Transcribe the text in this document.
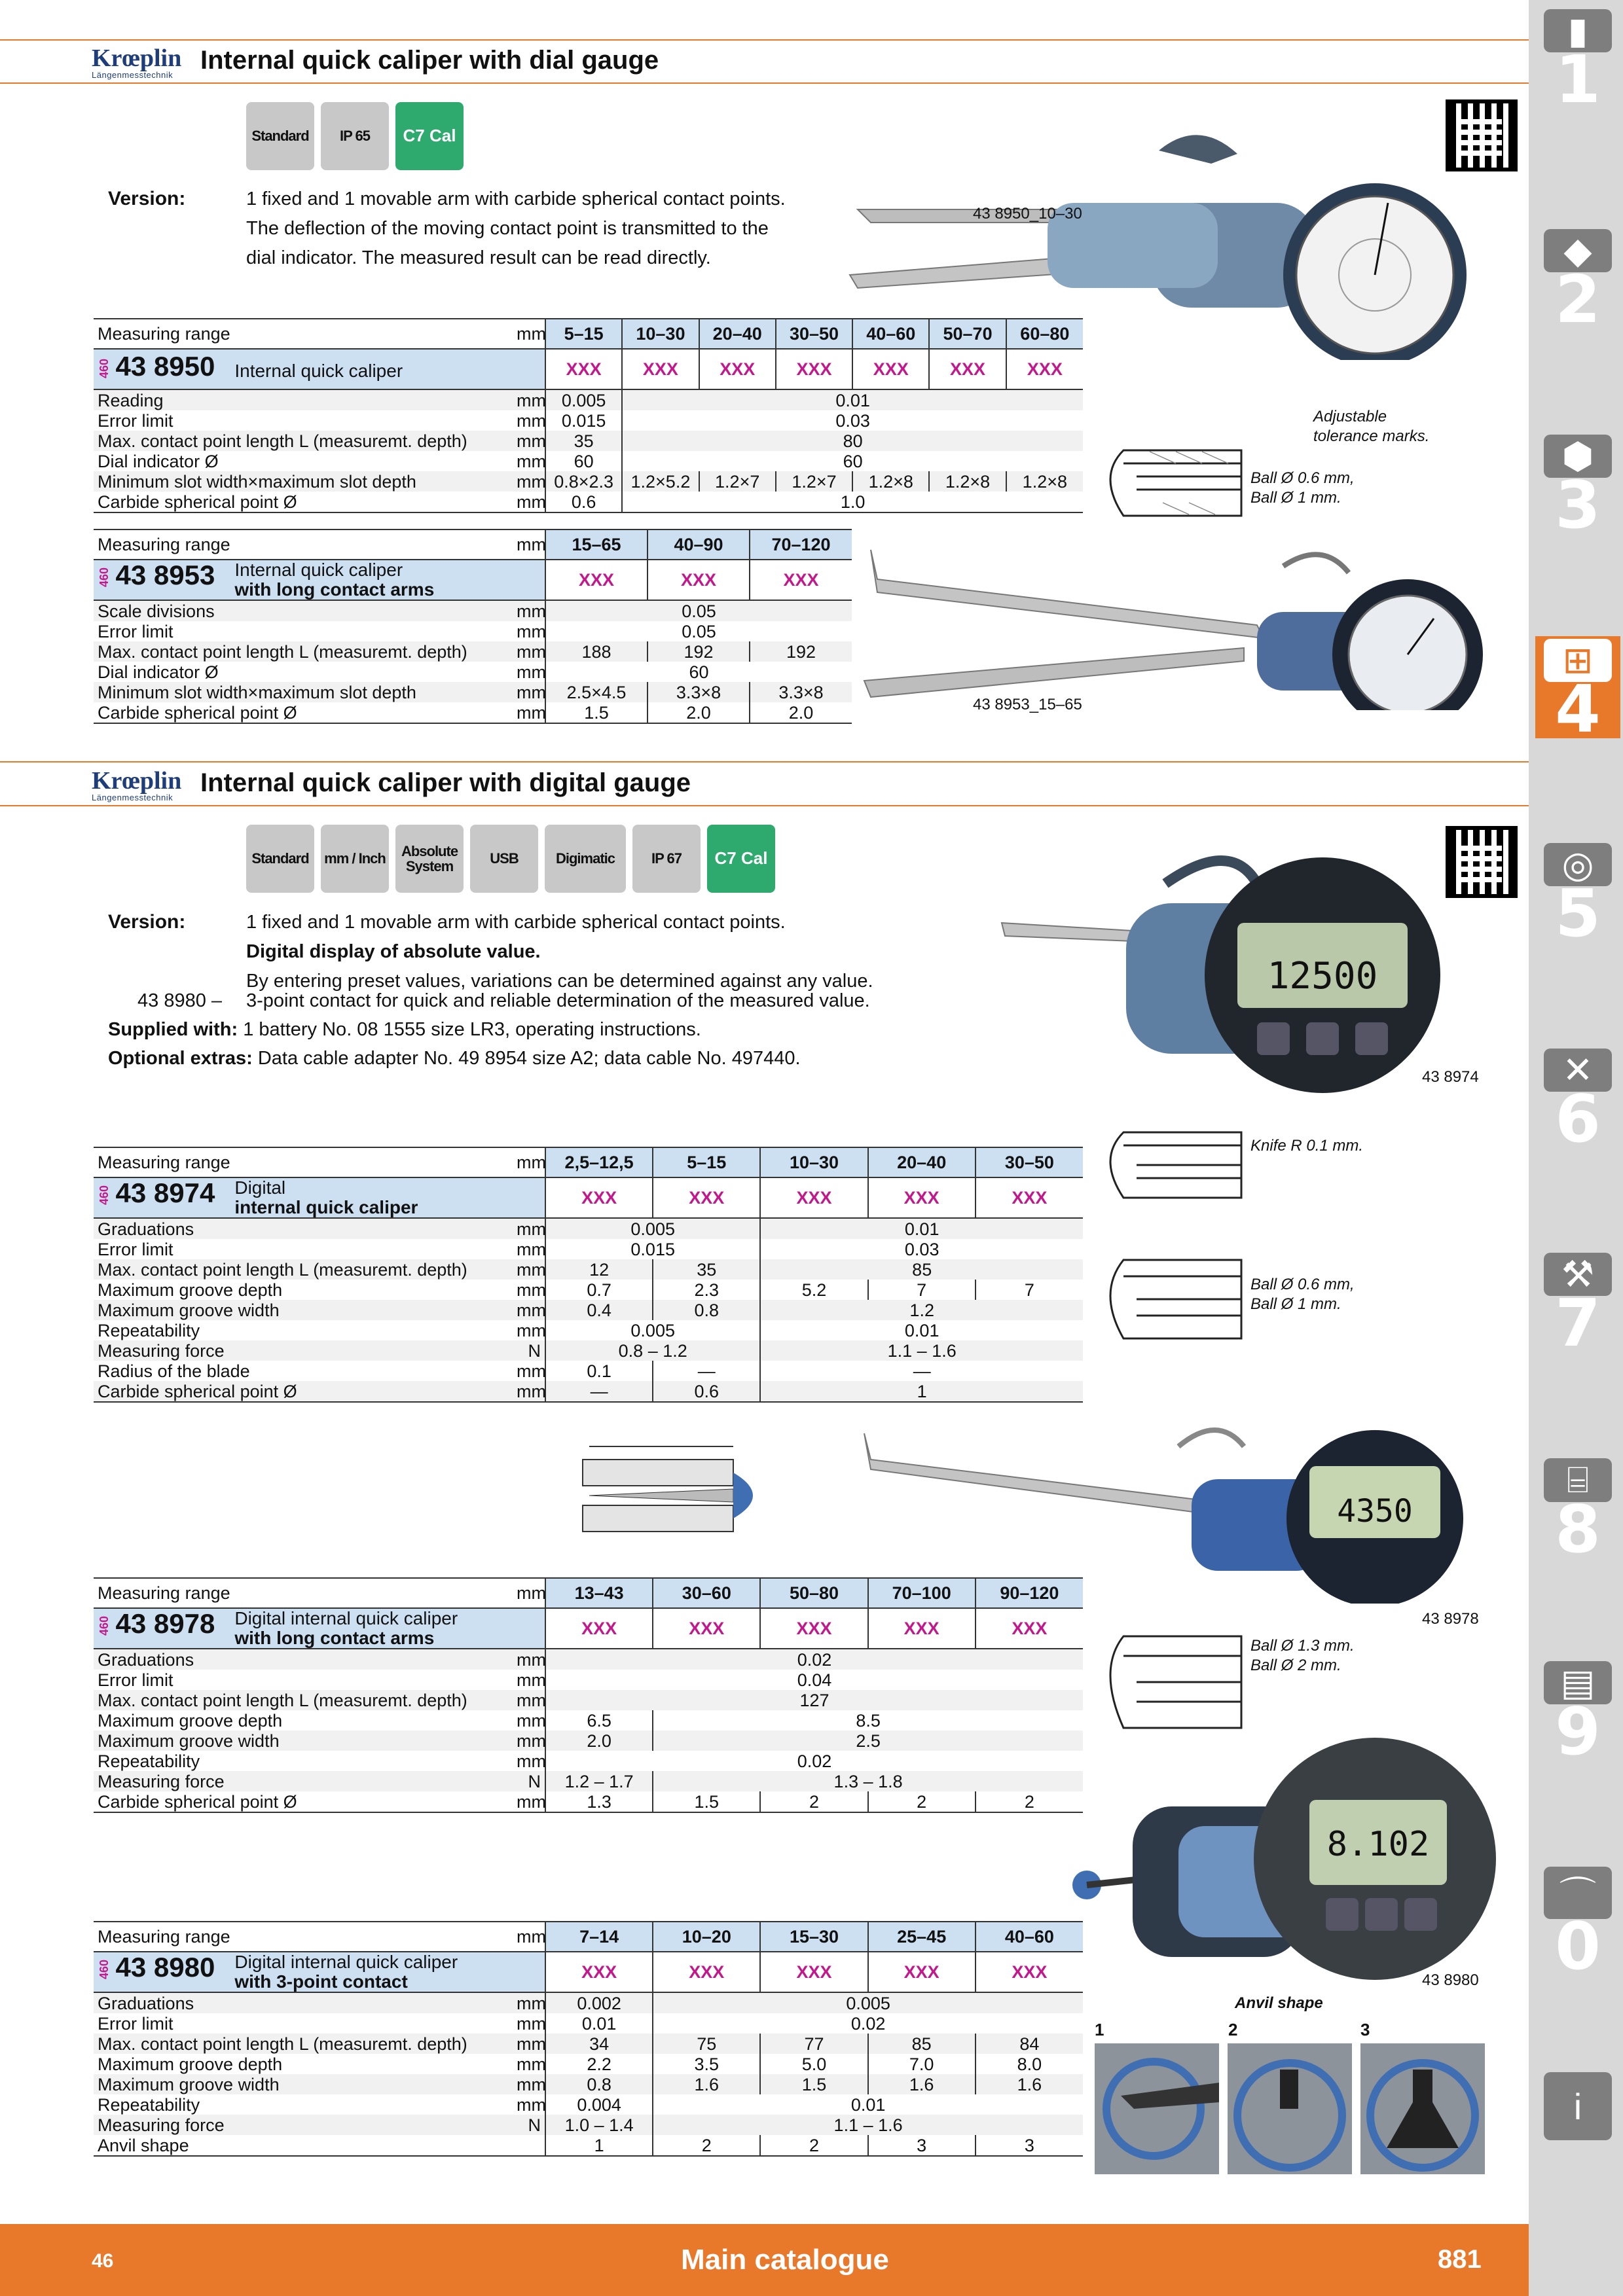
Krœplin
Längenmesstechnik
Internal quick caliper with dial gauge
Standard	IP 65	C7 Cal
Version:	1 fixed and 1 movable arm with carbide spherical contact points.
The deflection of the moving contact point is transmitted to the
dial indicator. The measured result can be read directly.
43 8950_10–30
Adjustable
tolerance marks.
Ball Ø 0.6 mm,
Ball Ø 1 mm.
43 8953_15–65
Measuring range	mm	5–15	10–30	20–40	30–50	40–60	50–70	60–80
460 43 8950 Internal quick caliper		XXX	XXX	XXX	XXX	XXX	XXX	XXX
Reading	mm	0.005	0.01					
Error limit	mm	0.015	0.03					
Max. contact point length L (measuremt. depth)	mm	35	80					
Dial indicator Ø	mm	60	60					
Minimum slot width×maximum slot depth	mm	0.8×2.3	1.2×5.2	1.2×7	1.2×7	1.2×8	1.2×8	1.2×8
Carbide spherical point Ø	mm	0.6	1.0					
Measuring range	mm	15–65	40–90	70–120
460 43 8953 Internal quick caliper
with long contact arms		XXX	XXX	XXX
Scale divisions	mm	0.05		
Error limit	mm	0.05		
Max. contact point length L (measuremt. depth)	mm	188	192	192
Dial indicator Ø	mm	60		
Minimum slot width×maximum slot depth	mm	2.5×4.5	3.3×8	3.3×8
Carbide spherical point Ø	mm	1.5	2.0	2.0
Krœplin
Längenmesstechnik
Internal quick caliper with digital gauge
Standard	mm / Inch	Absolute System	USB	Digimatic	IP 67	C7 Cal
Version:	1 fixed and 1 movable arm with carbide spherical contact points.
Digital display of absolute value.
By entering preset values, variations can be determined against any value.
43 8980 – 3-point contact for quick and reliable determination of the measured value.
Supplied with: 1 battery No. 08 1555 size LR3, operating instructions.
Optional extras: Data cable adapter No. 49 8954 size A2; data cable No. 497440.
12500
43 8974
Knife R 0.1 mm.
Ball Ø 0.6 mm,
Ball Ø 1 mm.
Measuring range	mm	2,5–12,5	5–15	10–30	20–40	30–50
460 43 8974 Digital
internal quick caliper		XXX	XXX	XXX	XXX	XXX
Graduations	mm	0.005		0.01		
Error limit	mm	0.015		0.03		
Max. contact point length L (measuremt. depth)	mm	12	35	85		
Maximum groove depth	mm	0.7	2.3	5.2	7	7
Maximum groove width	mm	0.4	0.8	1.2		
Repeatability	mm	0.005		0.01		
Measuring force	N	0.8 – 1.2		1.1 – 1.6		
Radius of the blade	mm	0.1	—	—		
Carbide spherical point Ø	mm	—	0.6	1		
4350
43 8978
Ball Ø 1.3 mm.
Ball Ø 2 mm.
Measuring range	mm	13–43	30–60	50–80	70–100	90–120
460 43 8978 Digital internal quick caliper
with long contact arms		XXX	XXX	XXX	XXX	XXX
Graduations	mm	0.02				
Error limit	mm	0.04				
Max. contact point length L (measuremt. depth)	mm	127				
Maximum groove depth	mm	6.5	8.5			
Maximum groove width	mm	2.0	2.5			
Repeatability	mm	0.02				
Measuring force	N	1.2 – 1.7	1.3 – 1.8			
Carbide spherical point Ø	mm	1.3	1.5	2	2	2
8.102
43 8980
Measuring range	mm	7–14	10–20	15–30	25–45	40–60
460 43 8980 Digital internal quick caliper
with 3-point contact		XXX	XXX	XXX	XXX	XXX
Graduations	mm	0.002	0.005			
Error limit	mm	0.01	0.02			
Max. contact point length L (measuremt. depth)	mm	34	75	77	85	84
Maximum groove depth	mm	2.2	3.5	5.0	7.0	8.0
Maximum groove width	mm	0.8	1.6	1.5	1.6	1.6
Repeatability	mm	0.004	0.01			
Measuring force	N	1.0 – 1.4	1.1 – 1.6			
Anvil shape		1	2	2	3	3
Anvil shape
1	2	3
▮
1
◆
2
⬢
3
⊞
4
◎
5
✕
6
⚒
7
⌸
8
▤
9
⌒
0
i
46	Main catalogue	881
